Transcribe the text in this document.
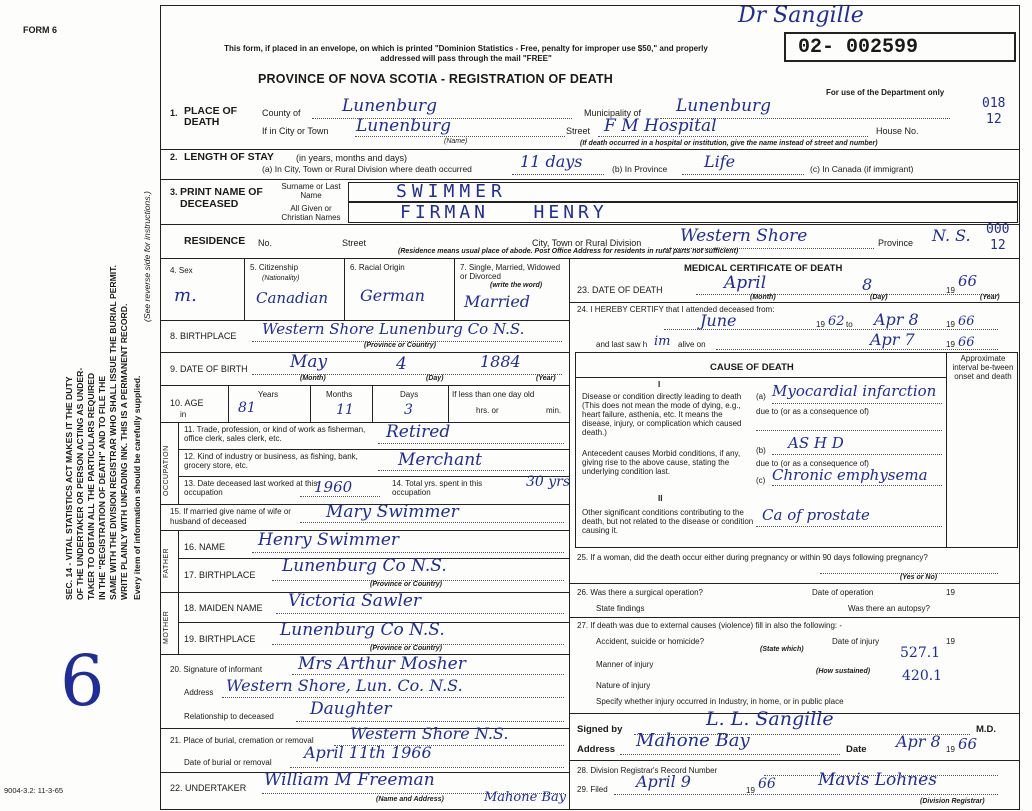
FORM 6
Dr Sangille
This form, if placed in an envelope, on which is printed "Dominion Statistics - Free, penalty for improper use $50," and properly addressed will pass through the mail "FREE"
PROVINCE OF NOVA SCOTIA - REGISTRATION OF DEATH
02- 002599
For use of the Department only
SEC. 14 - VITAL STATISTICS ACT MAKES IT THE DUTY OF THE UNDERTAKER OR PERSON ACTING AS UNDER- TAKER TO OBTAIN ALL THE PARTICULARS REQUIRED IN THE "REGISTRATION OF DEATH" AND TO FILE THE SAME WITH THE DIVISION REGISTRAR WHO SHALL ISSUE THE BURIAL PERMIT. WRITE PLAINLY WITH UNFADING INK. THIS IS A PERMANENT RECORD. Every item of information should be carefully supplied.
(See reverse side for instructions.)
6
9004-3.2: 11-3-65
1. PLACE OF DEATH
County of Lunenburg	Municipality of Lunenburg	018
If in City or Town Lunenburg
(Name)
Street F M Hospital	House No.
12
(If death occurred in a hospital or institution, give the name instead of street and number)
2. LENGTH OF STAY (in years, months and days)
(a) In City, Town or Rural Division where death occurred	11 days	(b) In Province Life	(c) In Canada (if immigrant)
3. PRINT NAME OF DECEASED
Surname or Last Name
All Given or Christian Names
SWIMMER
FIRMAN   HENRY
RESIDENCE No.	Street	City, Town or Rural Division Western Shore	Province N. S. 000
12
(Residence means usual place of abode. Post Office Address for residents in rural parts not sufficient)
4. Sex
m.
5. Citizenship
(Nationality)
Canadian
6. Racial Origin
German
7. Single, Married, Widowed or Divorced
(write the word)
Married
8. BIRTHPLACE Western Shore Lunenburg Co N.S.
(Province or Country)
9. DATE OF BIRTH May	4	1884
(Month)	(Day)	(Year)
10. AGE
in
Years	Months	Days
81	11	3
If less than one day old
hrs. or	min.
OCCUPATION
11. Trade, profession, or kind of work as fisherman, office clerk, sales clerk, etc.	Retired
12. Kind of industry or business, as fishing, bank, grocery store, etc.	Merchant
13. Date deceased last worked at this occupation	1960	14. Total yrs. spent in this occupation
30 yrs
15. If married give name of wife or husband of deceased	Mary Swimmer
FATHER
16. NAME Henry Swimmer
17. BIRTHPLACE Lunenburg Co N.S.
(Province or Country)
MOTHER
18. MAIDEN NAME Victoria Sawler
19. BIRTHPLACE Lunenburg Co N.S.
(Province or Country)
20. Signature of informant Mrs Arthur Mosher
Address Western Shore, Lun. Co. N.S.
Relationship to deceased Daughter
21. Place of burial, cremation or removal Western Shore N.S.
Date of burial or removal
April 11th 1966
22. UNDERTAKER William M Freeman
Mahone Bay
(Name and Address)
MEDICAL CERTIFICATE OF DEATH
23. DATE OF DEATH	April	8	19
66
(Month)	(Day)	(Year)
24. I HEREBY CERTIFY that I attended deceased from:
June	19 62 to Apr 8	19 66
and last saw h im alive on	Apr 7	19 66
CAUSE OF DEATH
Approximate interval be-tween onset and death
I
Disease or condition directly leading to death (This does not mean the mode of dying, e.g., heart failure, asthenia, etc. It means the disease, injury, or complication which caused death.)
(a) Myocardial infarction
due to (or as a consequence of)
Antecedent causes Morbid conditions, if any, giving rise to the above cause, stating the underlying condition last.
(b) AS H D
due to (or as a consequence of)
(c) Chronic emphysema
II
Other significant conditions contributing to the death, but not related to the disease or condition causing it.
Ca of prostate
25. If a woman, did the death occur either during pregnancy or within 90 days following pregnancy?
(Yes or No)
26. Was there a surgical operation?	Date of operation	19
State findings	Was there an autopsy?
27. If death was due to external causes (violence) fill in also the following: -
Accident, suicide or homicide?
(State which)
Date of injury	19
Manner of injury
527.1
(How sustained)
Nature of injury
420.1
Specify whether injury occurred in Industry, in home, or in public place
Signed by	L. L. Sangille	M.D.
Address Mahone Bay	Date Apr 8 19 66
28. Division Registrar's Record Number
29. Filed April 9	19 66 Mavis Lohnes
(Division Registrar)
